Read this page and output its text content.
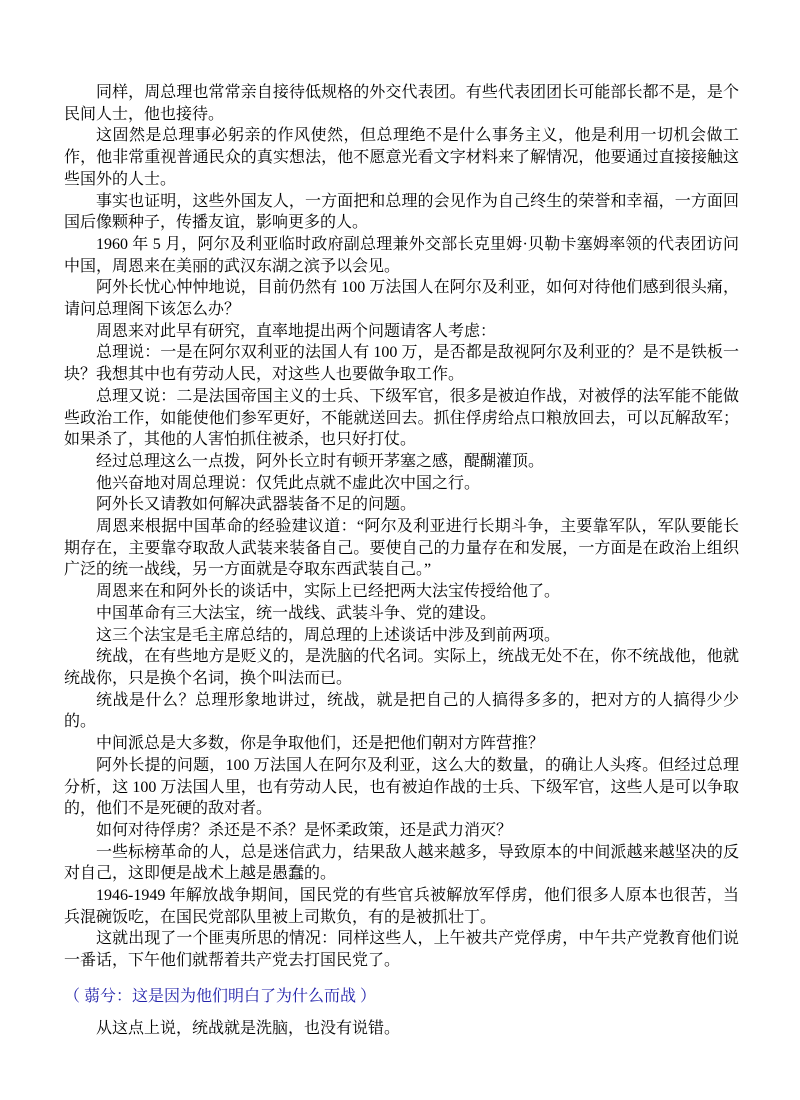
同样，周总理也常常亲自接待低规格的外交代表团。有些代表团团长可能部长都不是，是个民间人士，他也接待。

这固然是总理事必躬亲的作风使然，但总理绝不是什么事务主义，他是利用一切机会做工作，他非常重视普通民众的真实想法，他不愿意光看文字材料来了解情况，他要通过直接接触这些国外的人士。

事实也证明，这些外国友人，一方面把和总理的会见作为自己终生的荣誉和幸福，一方面回国后像颗种子，传播友谊，影响更多的人。

1960 年 5 月，阿尔及利亚临时政府副总理兼外交部长克里姆·贝勒卡塞姆率领的代表团访问中国，周恩来在美丽的武汉东湖之滨予以会见。

阿外长忧心忡忡地说，目前仍然有 100 万法国人在阿尔及利亚，如何对待他们感到很头痛，请问总理阁下该怎么办？

周恩来对此早有研究，直率地提出两个问题请客人考虑：

总理说：一是在阿尔双利亚的法国人有 100 万，是否都是敌视阿尔及利亚的？是不是铁板一块？我想其中也有劳动人民，对这些人也要做争取工作。

总理又说：二是法国帝国主义的士兵、下级军官，很多是被迫作战，对被俘的法军能不能做些政治工作，如能使他们参军更好，不能就送回去。抓住俘虏给点口粮放回去，可以瓦解敌军；如果杀了，其他的人害怕抓住被杀，也只好打仗。

经过总理这么一点拨，阿外长立时有顿开茅塞之感，醍醐灌顶。

他兴奋地对周总理说：仅凭此点就不虚此次中国之行。

阿外长又请教如何解决武器装备不足的问题。

周恩来根据中国革命的经验建议道：“阿尔及利亚进行长期斗争，主要靠军队，军队要能长期存在，主要靠夺取敌人武装来装备自己。要使自己的力量存在和发展，一方面是在政治上组织广泛的统一战线，另一方面就是夺取东西武装自己。”

周恩来在和阿外长的谈话中，实际上已经把两大法宝传授给他了。

中国革命有三大法宝，统一战线、武装斗争、党的建设。

这三个法宝是毛主席总结的，周总理的上述谈话中涉及到前两项。

统战，在有些地方是贬义的，是洗脑的代名词。实际上，统战无处不在，你不统战他，他就统战你，只是换个名词，换个叫法而已。

统战是什么？总理形象地讲过，统战，就是把自己的人搞得多多的，把对方的人搞得少少的。

中间派总是大多数，你是争取他们，还是把他们朝对方阵营推？

阿外长提的问题，100 万法国人在阿尔及利亚，这么大的数量，的确让人头疼。但经过总理分析，这 100 万法国人里，也有劳动人民，也有被迫作战的士兵、下级军官，这些人是可以争取的，他们不是死硬的敌对者。

如何对待俘虏？杀还是不杀？是怀柔政策，还是武力消灭？

一些标榜革命的人，总是迷信武力，结果敌人越来越多，导致原本的中间派越来越坚决的反对自己，这即便是战术上越是愚蠢的。

1946-1949 年解放战争期间，国民党的有些官兵被解放军俘虏，他们很多人原本也很苦，当兵混碗饭吃，在国民党部队里被上司欺负，有的是被抓壮丁。

这就出现了一个匪夷所思的情况：同样这些人，上午被共产党俘虏，中午共产党教育他们说一番话，下午他们就帮着共产党去打国民党了。

（ 蒻兮：这是因为他们明白了为什么而战 ）

从这点上说，统战就是洗脑，也没有说错。
